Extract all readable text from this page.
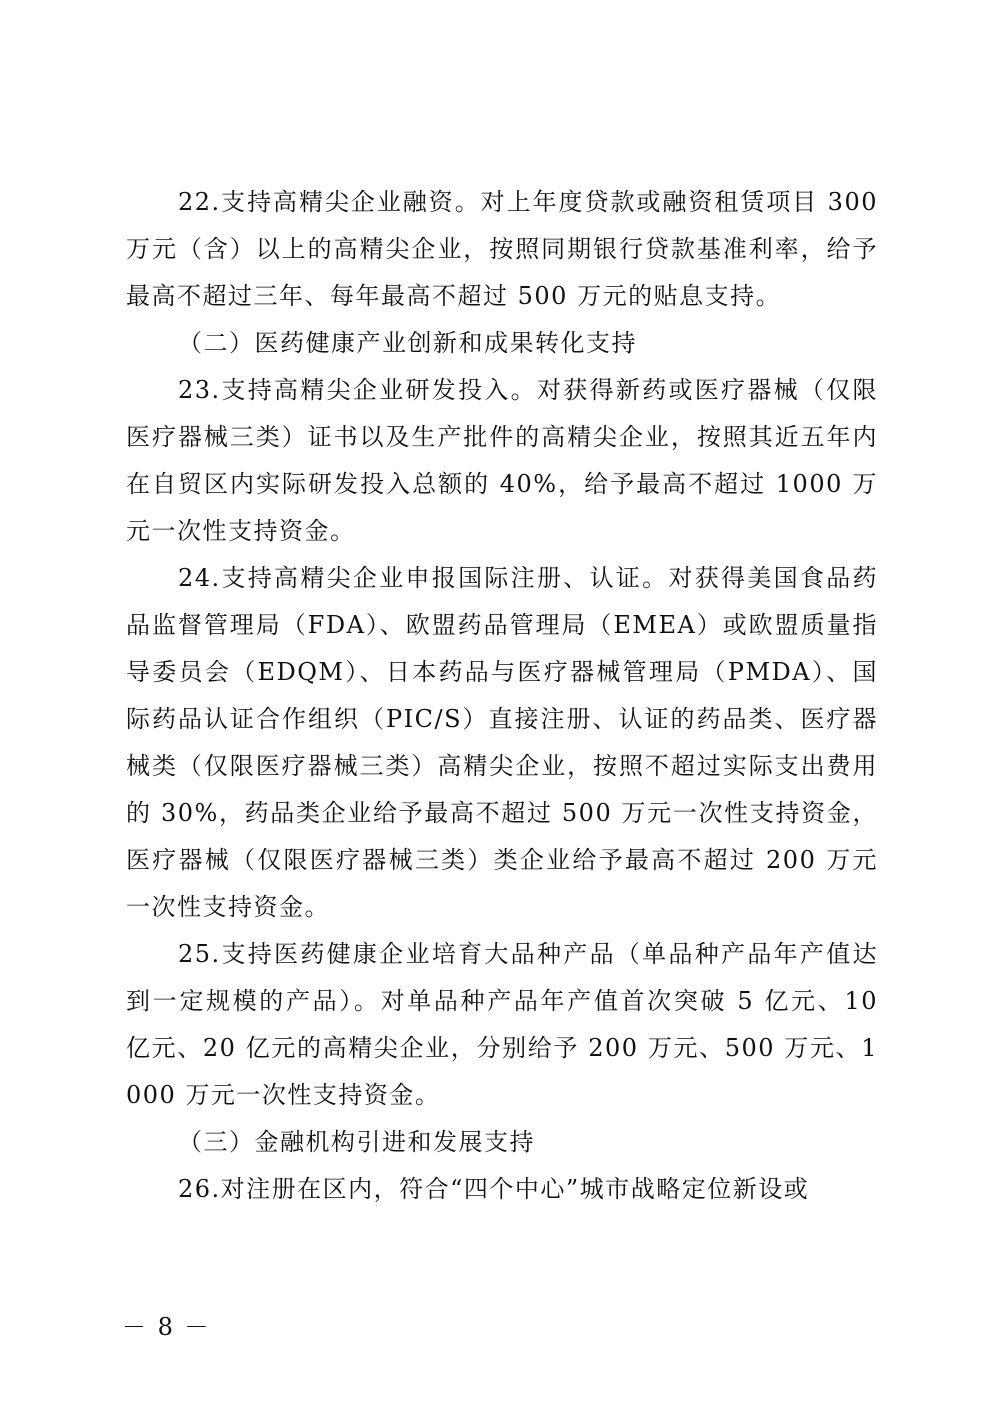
22.支持高精尖企业融资。对上年度贷款或融资租赁项目 300 万元（含）以上的高精尖企业，按照同期银行贷款基准利率，给予最高不超过三年、每年最高不超过 500 万元的贴息支持。

（二）医药健康产业创新和成果转化支持

23.支持高精尖企业研发投入。对获得新药或医疗器械（仅限医疗器械三类）证书以及生产批件的高精尖企业，按照其近五年内在自贸区内实际研发投入总额的 40%，给予最高不超过 1000 万元一次性支持资金。

24.支持高精尖企业申报国际注册、认证。对获得美国食品药品监督管理局（FDA）、欧盟药品管理局（EMEA）或欧盟质量指导委员会（EDQM）、日本药品与医疗器械管理局（PMDA）、国际药品认证合作组织（PIC/S）直接注册、认证的药品类、医疗器械类（仅限医疗器械三类）高精尖企业，按照不超过实际支出费用的 30%，药品类企业给予最高不超过 500 万元一次性支持资金，医疗器械（仅限医疗器械三类）类企业给予最高不超过 200 万元一次性支持资金。

25.支持医药健康企业培育大品种产品（单品种产品年产值达到一定规模的产品）。对单品种产品年产值首次突破 5 亿元、10 亿元、20 亿元的高精尖企业，分别给予 200 万元、500 万元、1000 万元一次性支持资金。

（三）金融机构引进和发展支持

26.对注册在区内，符合“四个中心”城市战略定位新设或

－ 8 －
